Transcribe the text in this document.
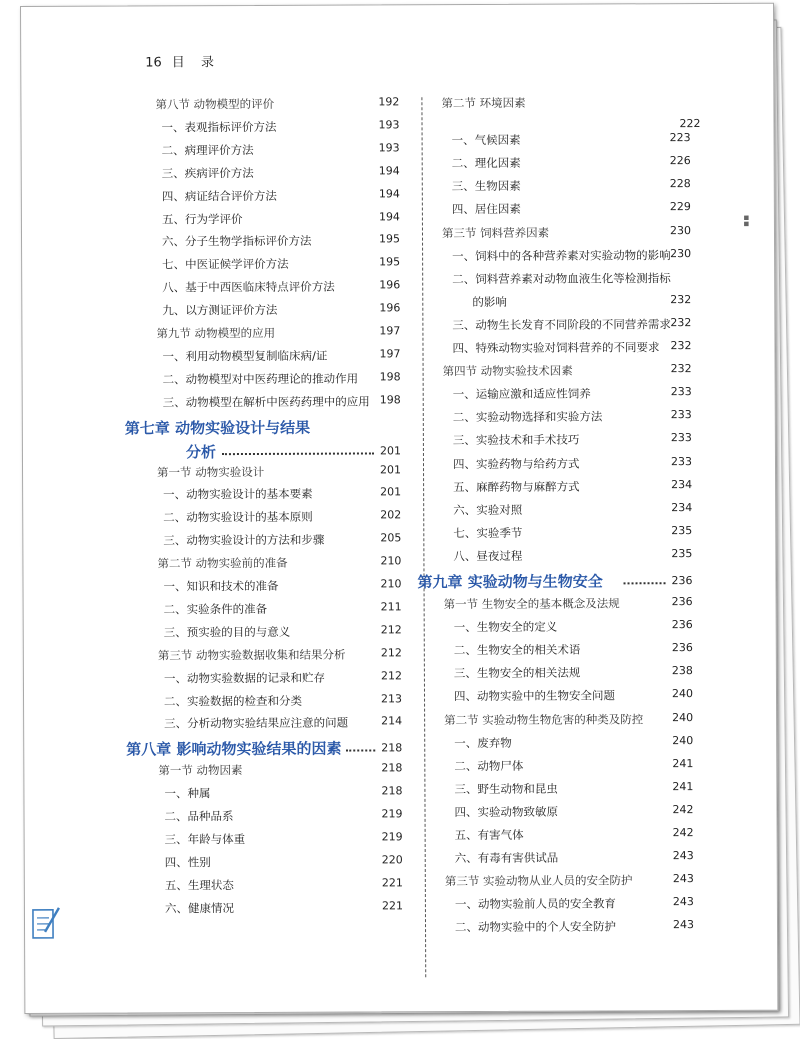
16 目 录
第八节 动物模型的评价	192
一、表观指标评价方法	193
二、病理评价方法	193
三、疾病评价方法	194
四、病证结合评价方法	194
五、行为学评价	194
六、分子生物学指标评价方法	195
七、中医证候学评价方法	195
八、基于中西医临床特点评价方法	196
九、以方测证评价方法	196
第九节 动物模型的应用	197
一、利用动物模型复制临床病/证	197
二、动物模型对中医药理论的推动作用 198
三、动物模型在解析中医药药理中的应用 198
第七章 动物实验设计与结果
分析	201
第一节 动物实验设计	201
一、动物实验设计的基本要素	201
二、动物实验设计的基本原则	202
三、动物实验设计的方法和步骤	205
第二节 动物实验前的准备	210
一、知识和技术的准备	210
二、实验条件的准备	211
三、预实验的目的与意义	212
第三节 动物实验数据收集和结果分析	212
一、动物实验数据的记录和贮存	212
二、实验数据的检查和分类	213
三、分析动物实验结果应注意的问题	214
第八章 影响动物实验结果的因素	218
第一节 动物因素	218
一、种属	218
二、品种品系	219
三、年龄与体重	219
四、性别	220
五、生理状态	221
六、健康情况	221
第二节 环境因素
222
一、气候因素	223
二、理化因素	226
三、生物因素	228
四、居住因素	229
第三节 饲料营养因素	230
一、饲料中的各种营养素对实验动物的影响 230
二、饲料营养素对动物血液生化等检测指标
的影响	232
三、动物生长发育不同阶段的不同营养需求 232
四、特殊动物实验对饲料营养的不同要求 232
第四节 动物实验技术因素	232
一、运输应激和适应性饲养	233
二、实验动物选择和实验方法	233
三、实验技术和手术技巧	233
四、实验药物与给药方式	233
五、麻醉药物与麻醉方式	234
六、实验对照	234
七、实验季节	235
八、昼夜过程	235
第九章 实验动物与生物安全	236
第一节 生物安全的基本概念及法规	236
一、生物安全的定义	236
二、生物安全的相关术语	236
三、生物安全的相关法规	238
四、动物实验中的生物安全问题	240
第二节 实验动物生物危害的种类及防控	240
一、废弃物	240
二、动物尸体	241
三、野生动物和昆虫	241
四、实验动物致敏原	242
五、有害气体	242
六、有毒有害供试品	243
第三节 实验动物从业人员的安全防护	243
一、动物实验前人员的安全教育	243
二、动物实验中的个人安全防护	243
▪▪
